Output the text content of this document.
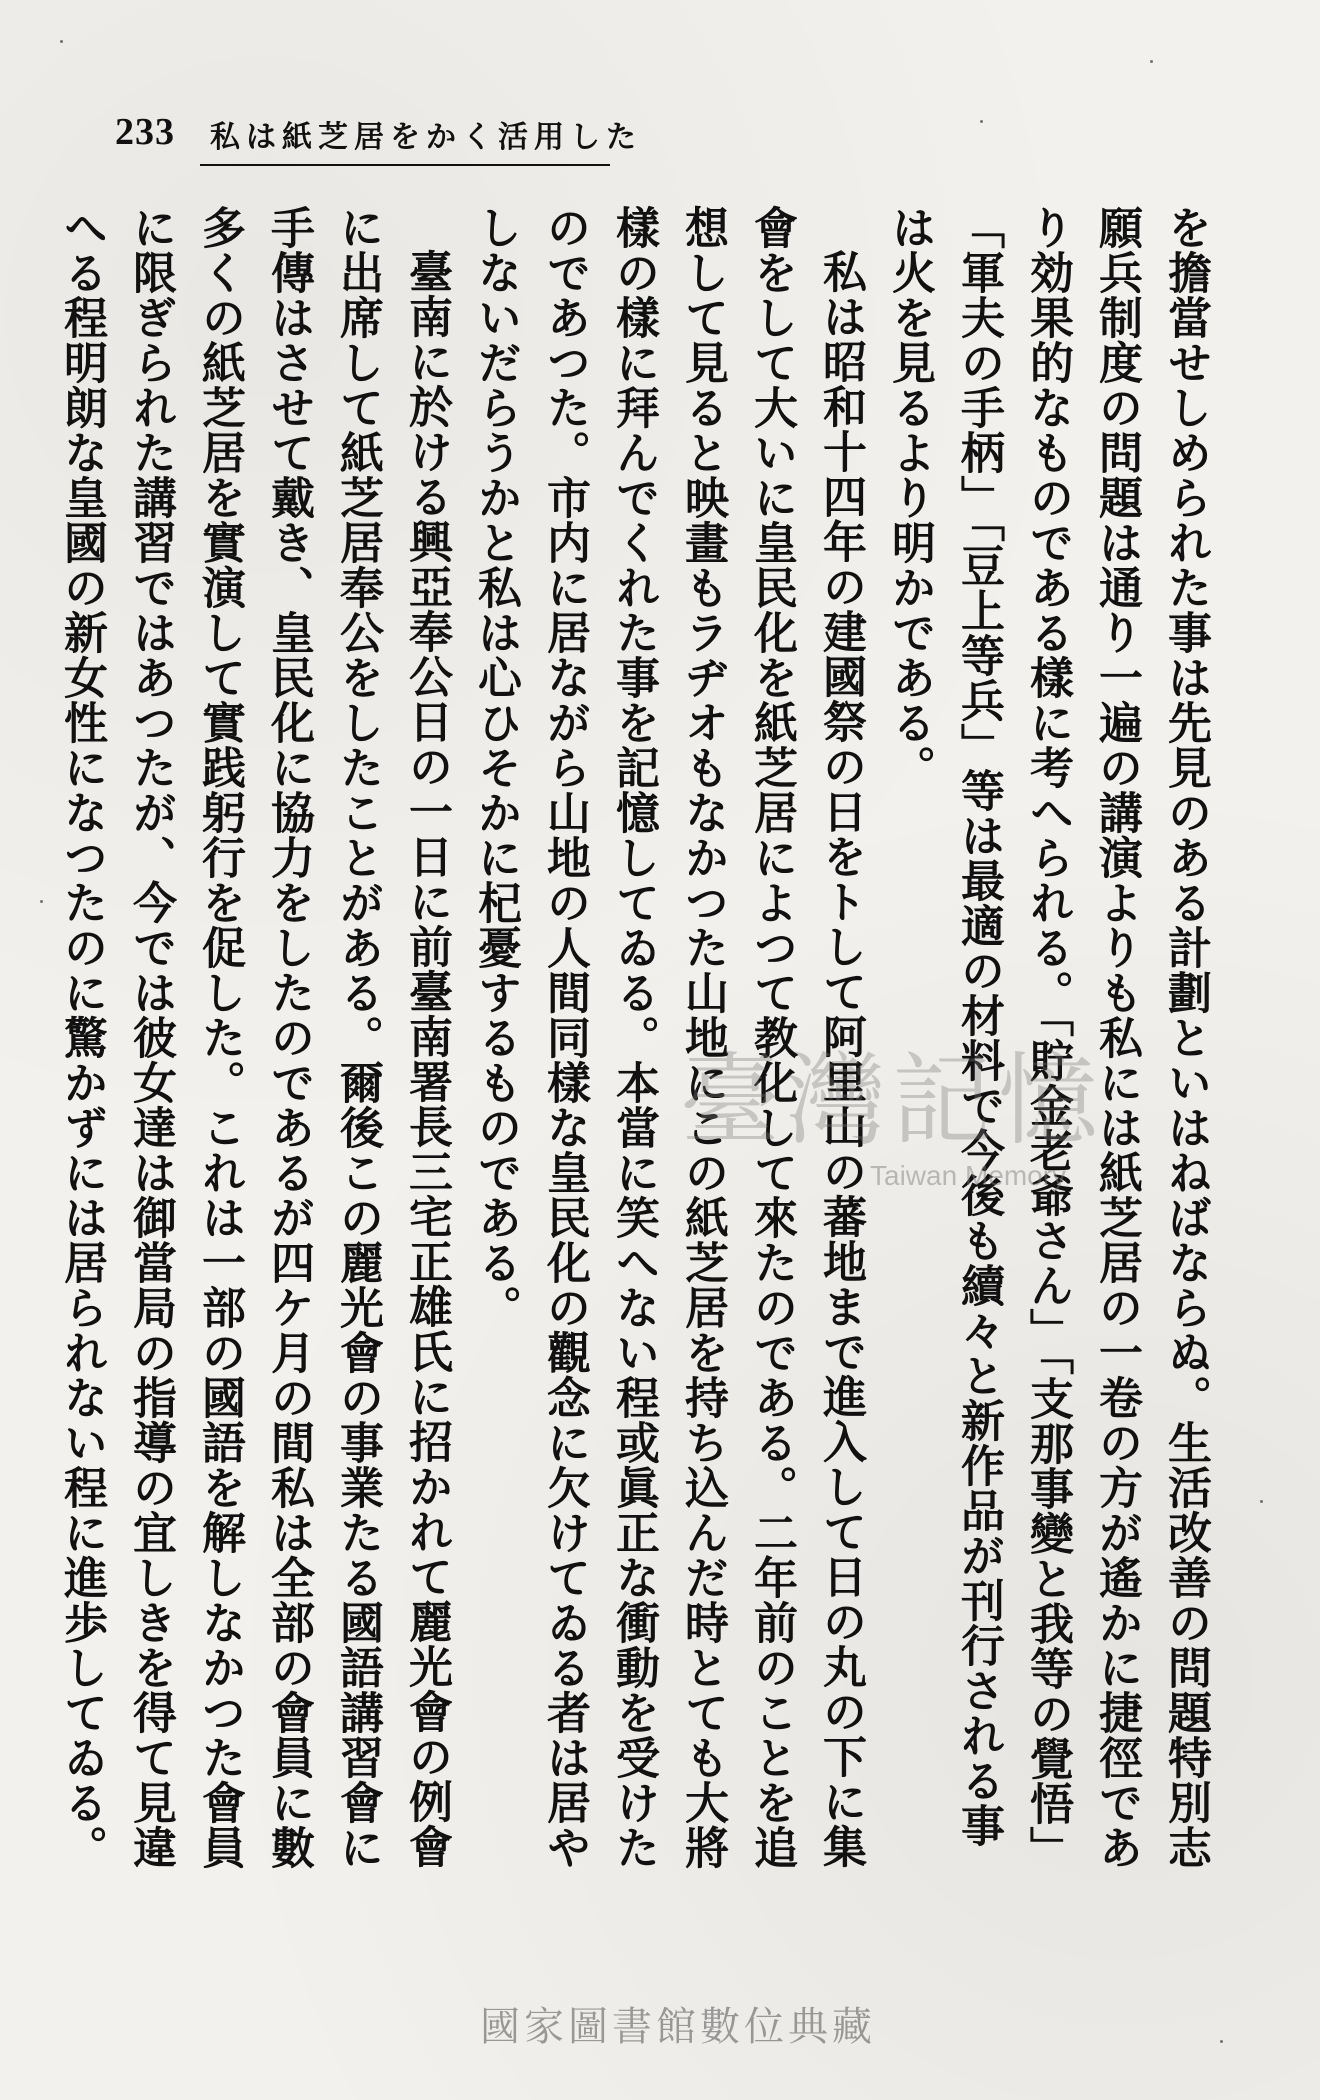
233 私は紙芝居をかく活用した

を擔當せしめられた事は先見のある計劃といはねばならぬ。生活改善の問題特別志願兵制度の問題は通り一遍の講演よりも私には紙芝居の一卷の方が遙かに捷徑であり効果的なものである樣に考へられる。「貯金老爺さん」「支那事變と我等の覺悟」「軍夫の手柄」「豆上等兵」等は最適の材料で今後も續々と新作品が刊行される事は火を見るより明かである。

私は昭和十四年の建國祭の日をトして阿里山の蕃地まで進入して日の丸の下に集會をして大いに皇民化を紙芝居によつて教化して來たのである。二年前のことを追想して見ると映畫もラヂオもなかつた山地にこの紙芝居を持ち込んだ時とても大將樣の樣に拜んでくれた事を記憶してゐる。本當に笑へない程或眞正な衝動を受けたのであつた。市内に居ながら山地の人間同樣な皇民化の觀念に欠けてゐる者は居やしないだらうかと私は心ひそかに杞憂するものである。

臺南に於ける興亞奉公日の一日に前臺南署長三宅正雄氏に招かれて麗光會の例會に出席して紙芝居奉公をしたことがある。爾後この麗光會の事業たる國語講習會に手傳はさせて戴き、皇民化に協力をしたのであるが四ケ月の間私は全部の會員に數多くの紙芝居を實演して實践躬行を促した。これは一部の國語を解しなかつた會員に限ぎられた講習ではあつたが、今では彼女達は御當局の指導の宜しきを得て見違へる程明朗な皇國の新女性になつたのに驚かずには居られない程に進歩してゐる。	臺灣記憶
Taiwan Memory
國家圖書館數位典藏
